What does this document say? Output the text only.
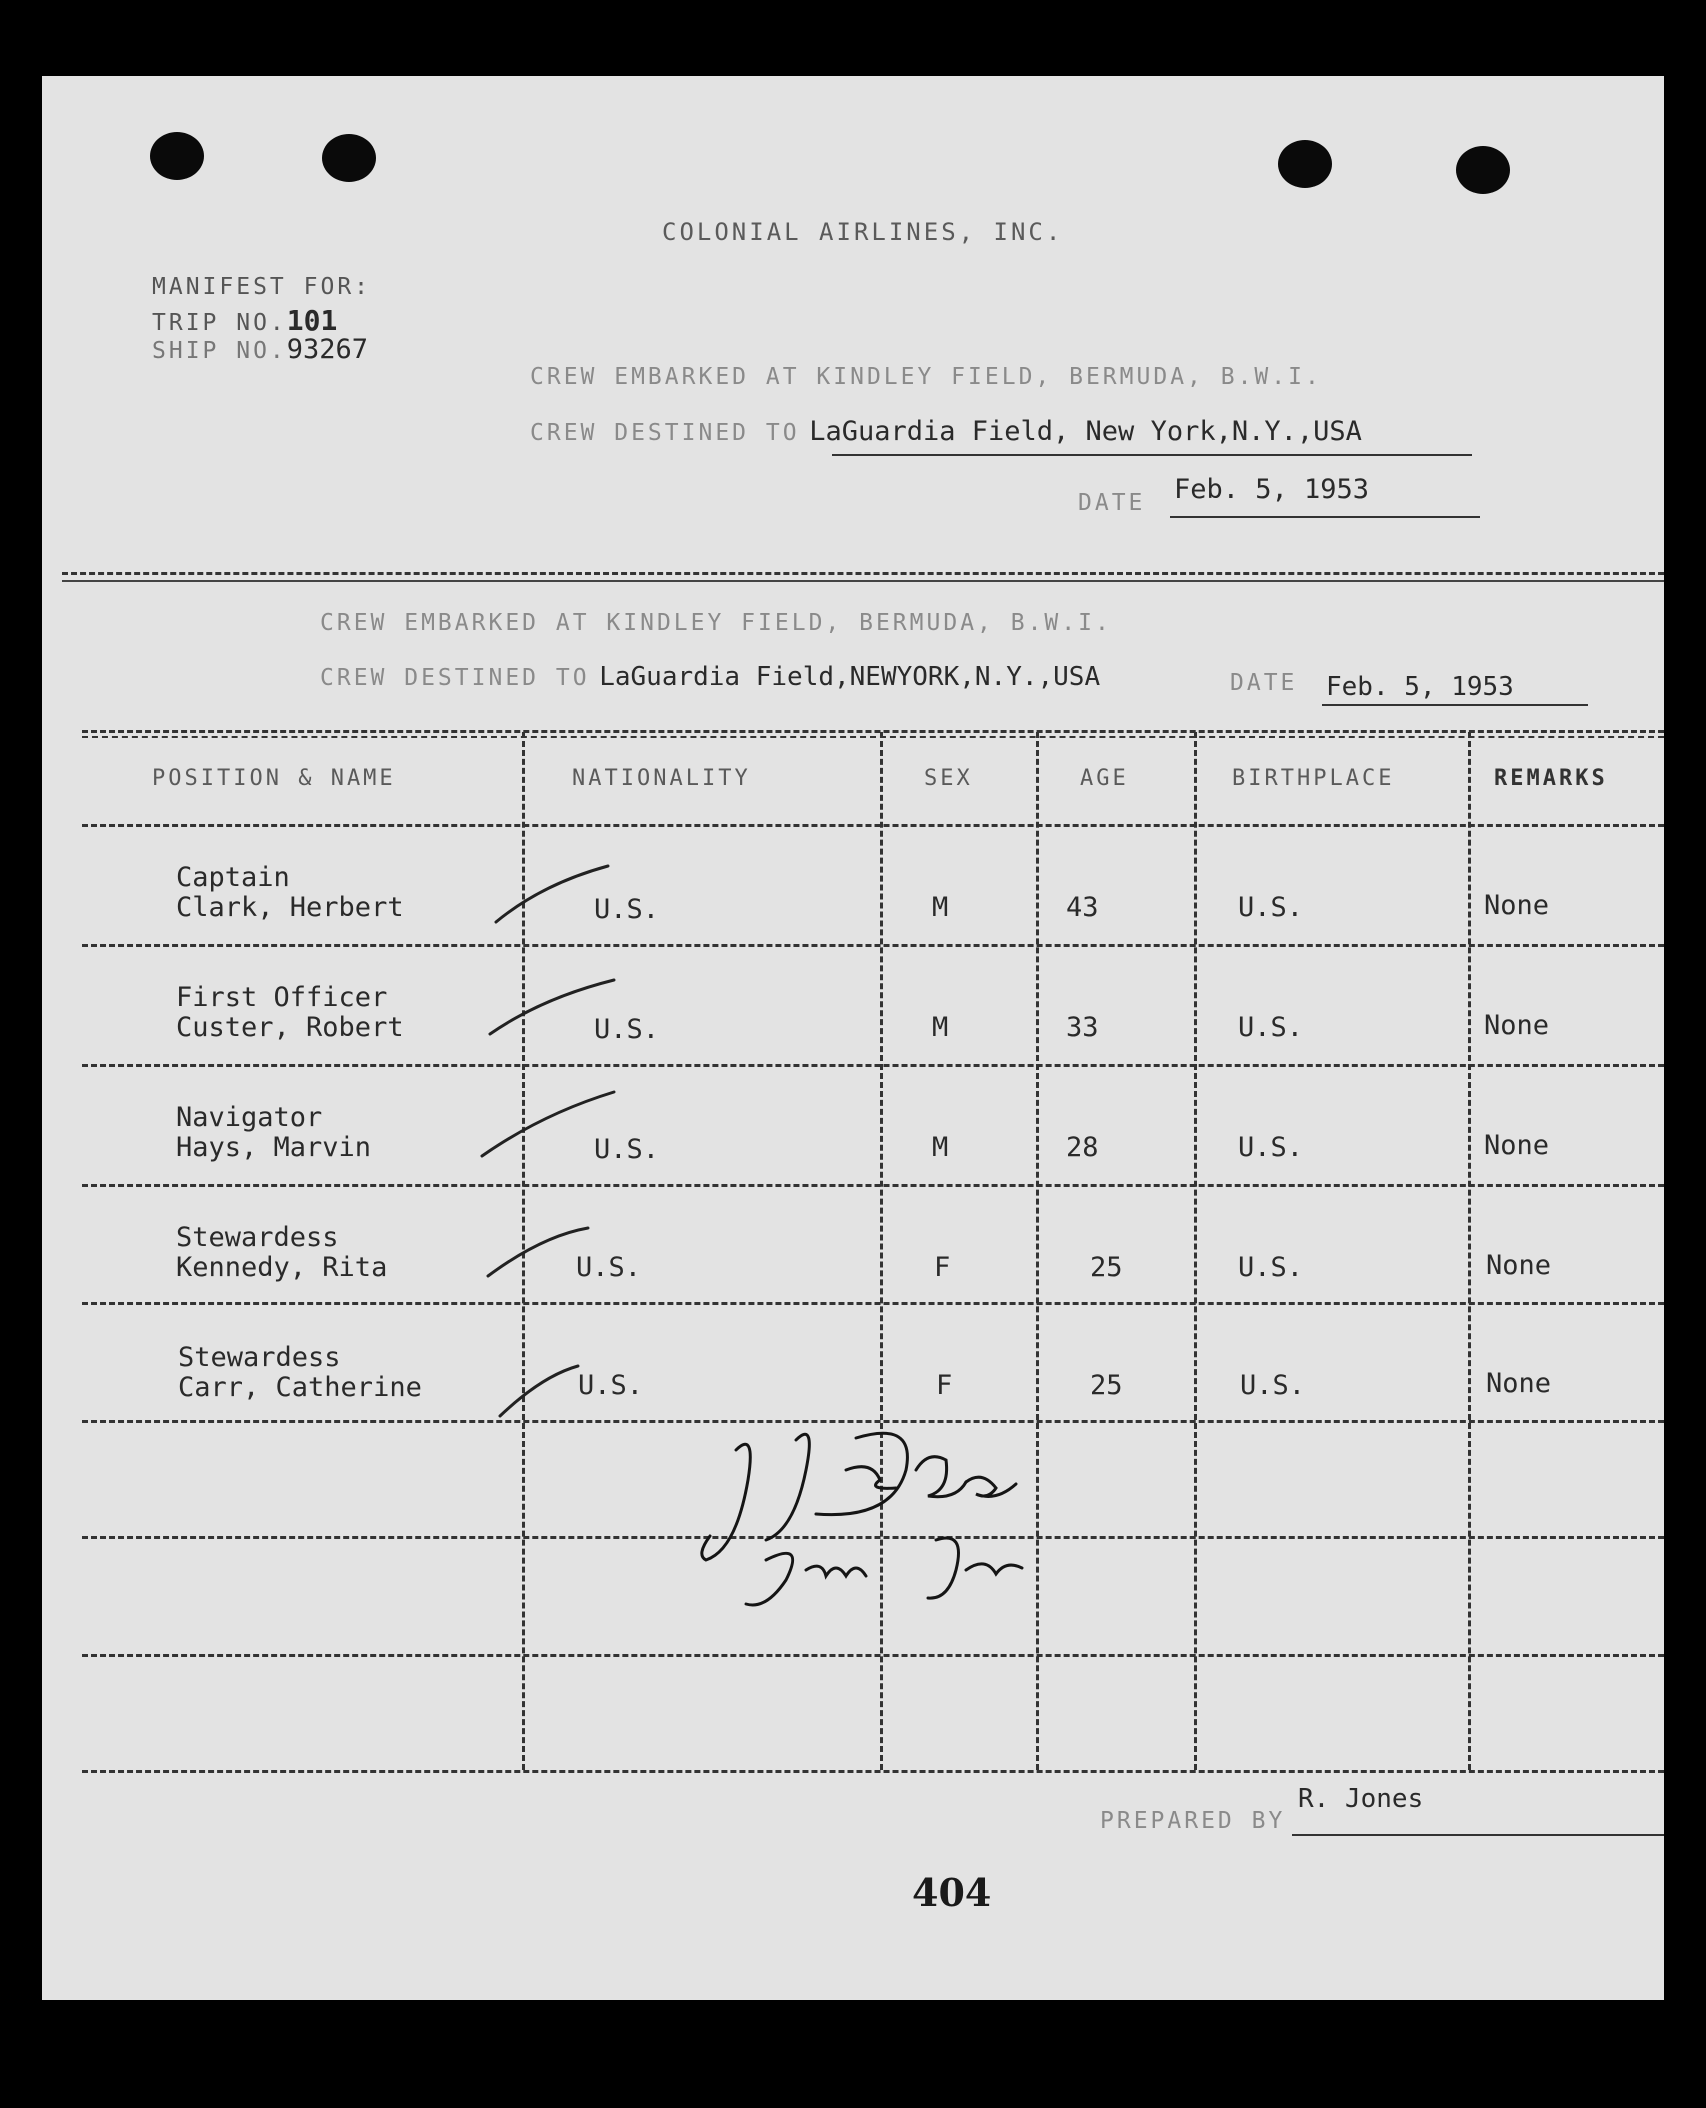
COLONIAL AIRLINES, INC.
MANIFEST FOR:
TRIP NO.101
SHIP NO.93267
CREW EMBARKED AT KINDLEY FIELD, BERMUDA, B.W.I.
CREW DESTINED TO LaGuardia Field, New York,N.Y.,USA
DATE Feb. 5, 1953
CREW EMBARKED AT KINDLEY FIELD, BERMUDA, B.W.I.
CREW DESTINED TO LaGuardia Field,NEWYORK,N.Y.,USA	DATE Feb. 5, 1953
POSITION & NAME	NATIONALITY	SEX	AGE	BIRTHPLACE	REMARKS
Captain
Clark, Herbert	U.S.	M	43	U.S.	None
First Officer
Custer, Robert	U.S.	M	33	U.S.	None
Navigator
Hays, Marvin	U.S.	M	28	U.S.	None
Stewardess
Kennedy, Rita	U.S.	F	25	U.S.	None
Stewardess
Carr, Catherine	U.S.	F	25	U.S.	None
PREPARED BY
R. Jones
404
